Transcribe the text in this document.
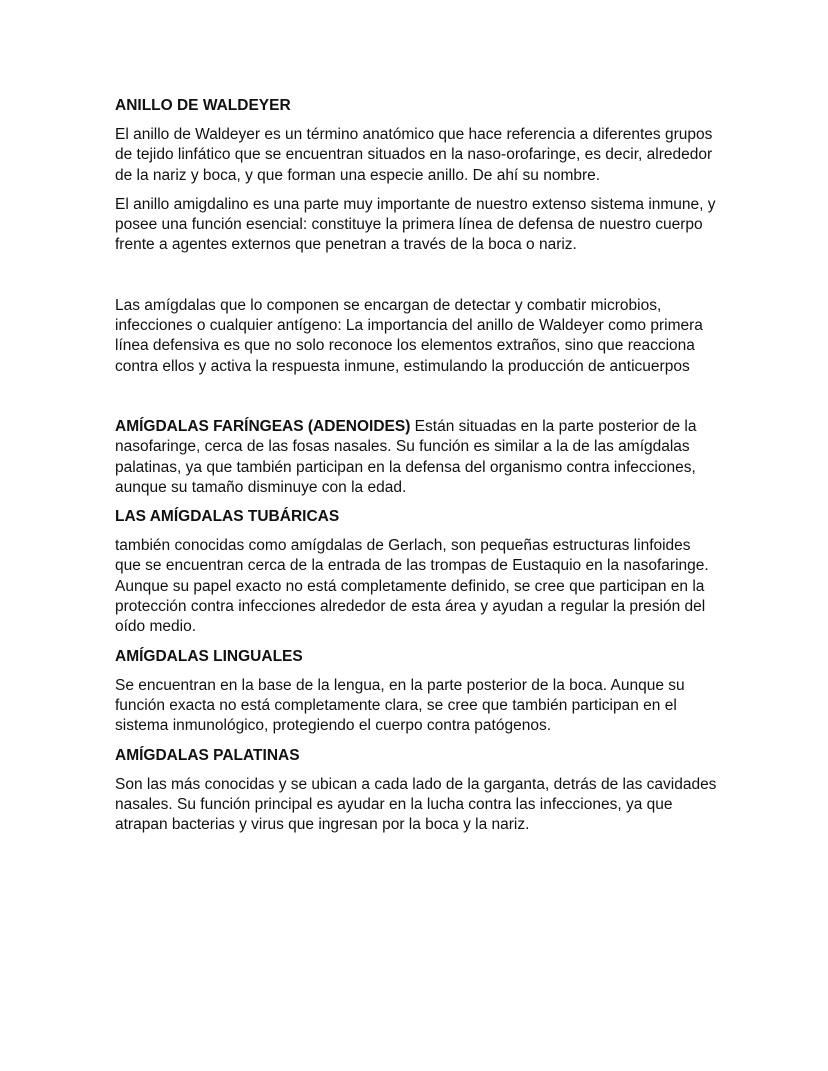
ANILLO DE WALDEYER

El anillo de Waldeyer es un término anatómico que hace referencia a diferentes grupos de tejido linfático que se encuentran situados en la naso-orofaringe, es decir, alrededor de la nariz y boca, y que forman una especie anillo. De ahí su nombre.

El anillo amigdalino es una parte muy importante de nuestro extenso sistema inmune, y posee una función esencial: constituye la primera línea de defensa de nuestro cuerpo frente a agentes externos que penetran a través de la boca o nariz.

Las amígdalas que lo componen se encargan de detectar y combatir microbios, infecciones o cualquier antígeno: La importancia del anillo de Waldeyer como primera línea defensiva es que no solo reconoce los elementos extraños, sino que reacciona contra ellos y activa la respuesta inmune, estimulando la producción de anticuerpos

AMÍGDALAS FARÍNGEAS (ADENOIDES) Están situadas en la parte posterior de la nasofaringe, cerca de las fosas nasales. Su función es similar a la de las amígdalas palatinas, ya que también participan en la defensa del organismo contra infecciones, aunque su tamaño disminuye con la edad.

LAS AMÍGDALAS TUBÁRICAS

también conocidas como amígdalas de Gerlach, son pequeñas estructuras linfoides que se encuentran cerca de la entrada de las trompas de Eustaquio en la nasofaringe. Aunque su papel exacto no está completamente definido, se cree que participan en la protección contra infecciones alrededor de esta área y ayudan a regular la presión del oído medio.

AMÍGDALAS LINGUALES

Se encuentran en la base de la lengua, en la parte posterior de la boca. Aunque su función exacta no está completamente clara, se cree que también participan en el sistema inmunológico, protegiendo el cuerpo contra patógenos.

AMÍGDALAS PALATINAS

Son las más conocidas y se ubican a cada lado de la garganta, detrás de las cavidades nasales. Su función principal es ayudar en la lucha contra las infecciones, ya que atrapan bacterias y virus que ingresan por la boca y la nariz.
